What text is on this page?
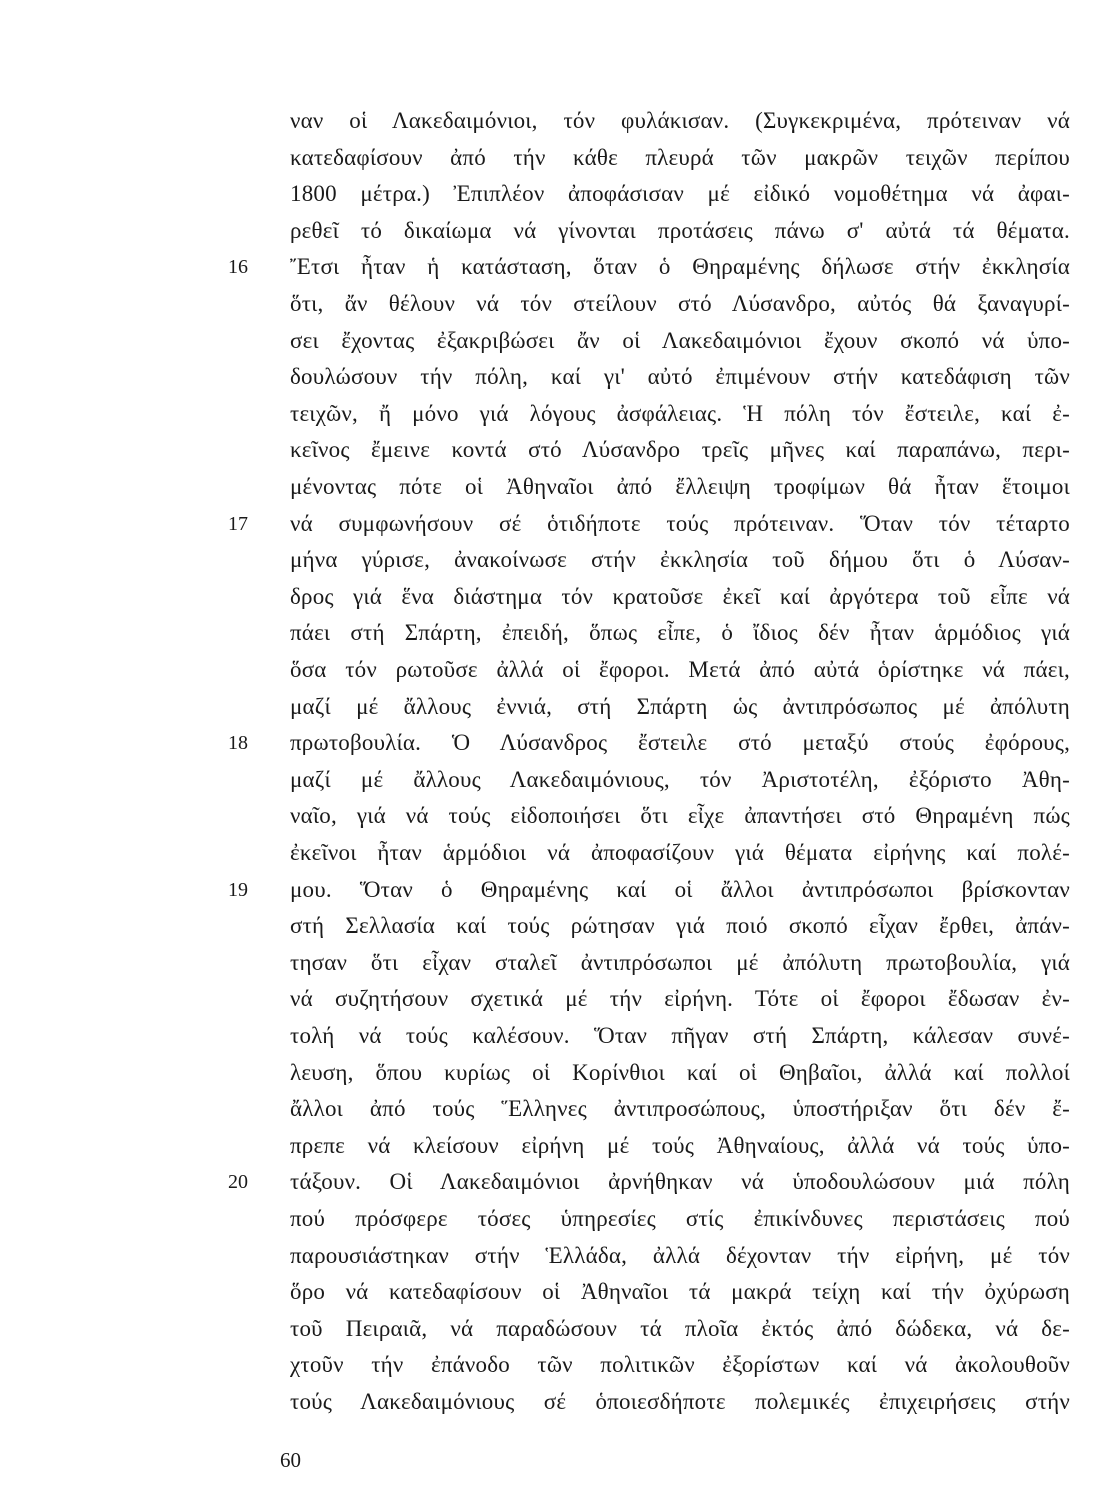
ναν οἱ Λακεδαιμόνιοι, τόν φυλάκισαν. (Συγκεκριμένα, πρότειναν νά
κατεδαφίσουν ἀπό τήν κάθε πλευρά τῶν μακρῶν τειχῶν περίπου
1800 μέτρα.) Ἐπιπλέον ἀποφάσισαν μέ εἰδικό νομοθέτημα νά ἀφαι-
ρεθεῖ τό δικαίωμα νά γίνονται προτάσεις πάνω σ' αὐτά τά θέματα.
Ἔτσι ἦταν ἡ κατάσταση, ὅταν ὁ Θηραμένης δήλωσε στήν ἐκκλησία
16
ὅτι, ἄν θέλουν νά τόν στείλουν στό Λύσανδρο, αὐτός θά ξαναγυρί-
σει ἔχοντας ἐξακριβώσει ἄν οἱ Λακεδαιμόνιοι ἔχουν σκοπό νά ὑπο-
δουλώσουν τήν πόλη, καί γι' αὐτό ἐπιμένουν στήν κατεδάφιση τῶν
τειχῶν, ἤ μόνο γιά λόγους ἀσφάλειας. Ἡ πόλη τόν ἔστειλε, καί ἐ-
κεῖνος ἔμεινε κοντά στό Λύσανδρο τρεῖς μῆνες καί παραπάνω, περι-
μένοντας πότε οἱ Ἀθηναῖοι ἀπό ἔλλειψη τροφίμων θά ἦταν ἕτοιμοι
νά συμφωνήσουν σέ ὁτιδήποτε τούς πρότειναν. Ὅταν τόν τέταρτο
17
μήνα γύρισε, ἀνακοίνωσε στήν ἐκκλησία τοῦ δήμου ὅτι ὁ Λύσαν-
δρος γιά ἕνα διάστημα τόν κρατοῦσε ἐκεῖ καί ἀργότερα τοῦ εἶπε νά
πάει στή Σπάρτη, ἐπειδή, ὅπως εἶπε, ὁ ἴδιος δέν ἦταν ἁρμόδιος γιά
ὅσα τόν ρωτοῦσε ἀλλά οἱ ἔφοροι. Μετά ἀπό αὐτά ὁρίστηκε νά πάει,
μαζί μέ ἄλλους ἐννιά, στή Σπάρτη ὡς ἀντιπρόσωπος μέ ἀπόλυτη
πρωτοβουλία. Ὁ Λύσανδρος ἔστειλε στό μεταξύ στούς ἐφόρους,
18
μαζί μέ ἄλλους Λακεδαιμόνιους, τόν Ἀριστοτέλη, ἐξόριστο Ἀθη-
ναῖο, γιά νά τούς εἰδοποιήσει ὅτι εἶχε ἀπαντήσει στό Θηραμένη πώς
ἐκεῖνοι ἦταν ἁρμόδιοι νά ἀποφασίζουν γιά θέματα εἰρήνης καί πολέ-
μου. Ὅταν ὁ Θηραμένης καί οἱ ἄλλοι ἀντιπρόσωποι βρίσκονταν
19
στή Σελλασία καί τούς ρώτησαν γιά ποιό σκοπό εἶχαν ἔρθει, ἀπάν-
τησαν ὅτι εἶχαν σταλεῖ ἀντιπρόσωποι μέ ἀπόλυτη πρωτοβουλία, γιά
νά συζητήσουν σχετικά μέ τήν εἰρήνη. Τότε οἱ ἔφοροι ἔδωσαν ἐν-
τολή νά τούς καλέσουν. Ὅταν πῆγαν στή Σπάρτη, κάλεσαν συνέ-
λευση, ὅπου κυρίως οἱ Κορίνθιοι καί οἱ Θηβαῖοι, ἀλλά καί πολλοί
ἄλλοι ἀπό τούς Ἕλληνες ἀντιπροσώπους, ὑποστήριξαν ὅτι δέν ἔ-
πρεπε νά κλείσουν εἰρήνη μέ τούς Ἀθηναίους, ἀλλά νά τούς ὑπο-
τάξουν. Οἱ Λακεδαιμόνιοι ἀρνήθηκαν νά ὑποδουλώσουν μιά πόλη
20
πού πρόσφερε τόσες ὑπηρεσίες στίς ἐπικίνδυνες περιστάσεις πού
παρουσιάστηκαν στήν Ἑλλάδα, ἀλλά δέχονταν τήν εἰρήνη, μέ τόν
ὅρο νά κατεδαφίσουν οἱ Ἀθηναῖοι τά μακρά τείχη καί τήν ὀχύρωση
τοῦ Πειραιᾶ, νά παραδώσουν τά πλοῖα ἐκτός ἀπό δώδεκα, νά δε-
χτοῦν τήν ἐπάνοδο τῶν πολιτικῶν ἐξορίστων καί νά ἀκολουθοῦν
τούς Λακεδαιμόνιους σέ ὁποιεσδήποτε πολεμικές ἐπιχειρήσεις στήν
60
